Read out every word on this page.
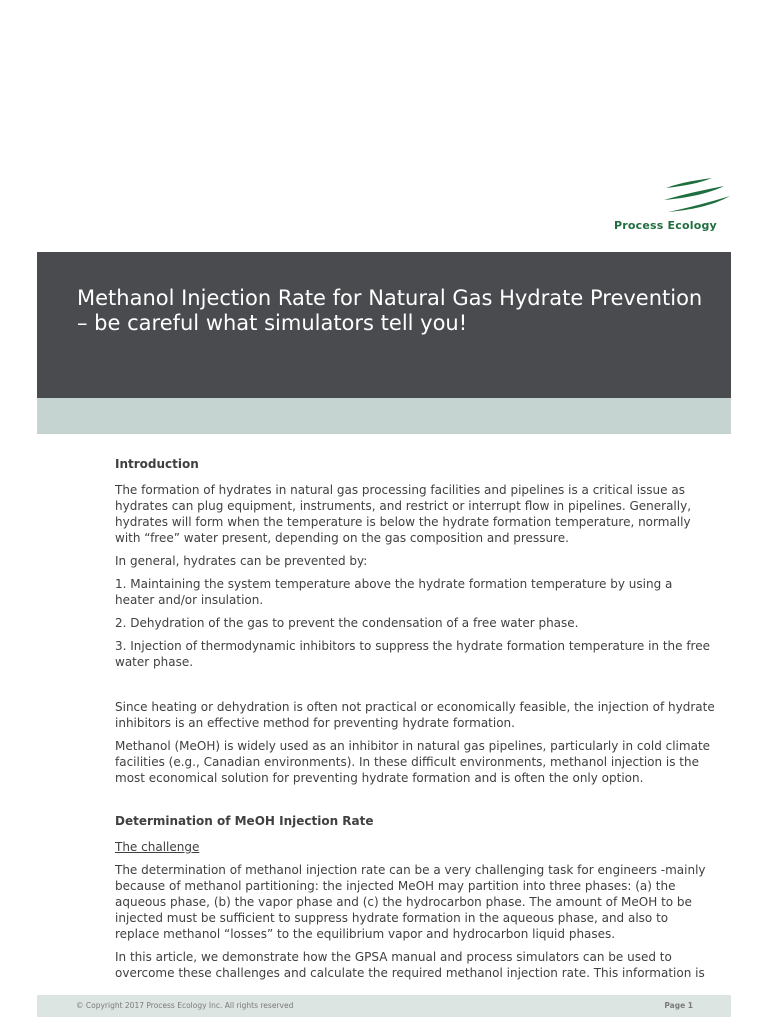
Process Ecology
Methanol Injection Rate for Natural Gas Hydrate Prevention – be careful what simulators tell you!
Introduction

The formation of hydrates in natural gas processing facilities and pipelines is a critical issue as hydrates can plug equipment, instruments, and restrict or interrupt flow in pipelines. Generally, hydrates will form when the temperature is below the hydrate formation temperature, normally with “free” water present, depending on the gas composition and pressure.

In general, hydrates can be prevented by:

1. Maintaining the system temperature above the hydrate formation temperature by using a heater and/or insulation.

2. Dehydration of the gas to prevent the condensation of a free water phase.

3. Injection of thermodynamic inhibitors to suppress the hydrate formation temperature in the free water phase.

Since heating or dehydration is often not practical or economically feasible, the injection of hydrate inhibitors is an effective method for preventing hydrate formation.

Methanol (MeOH) is widely used as an inhibitor in natural gas pipelines, particularly in cold climate facilities (e.g., Canadian environments). In these difficult environments, methanol injection is the most economical solution for preventing hydrate formation and is often the only option.

Determination of MeOH Injection Rate

The challenge

The determination of methanol injection rate can be a very challenging task for engineers -mainly because of methanol partitioning: the injected MeOH may partition into three phases: (a) the aqueous phase, (b) the vapor phase and (c) the hydrocarbon phase. The amount of MeOH to be injected must be sufficient to suppress hydrate formation in the aqueous phase, and also to replace methanol “losses” to the equilibrium vapor and hydrocarbon liquid phases.

In this article, we demonstrate how the GPSA manual and process simulators can be used to overcome these challenges and calculate the required methanol injection rate. This information is

© Copyright 2017 Process Ecology Inc. All rights reserved	Page 1
